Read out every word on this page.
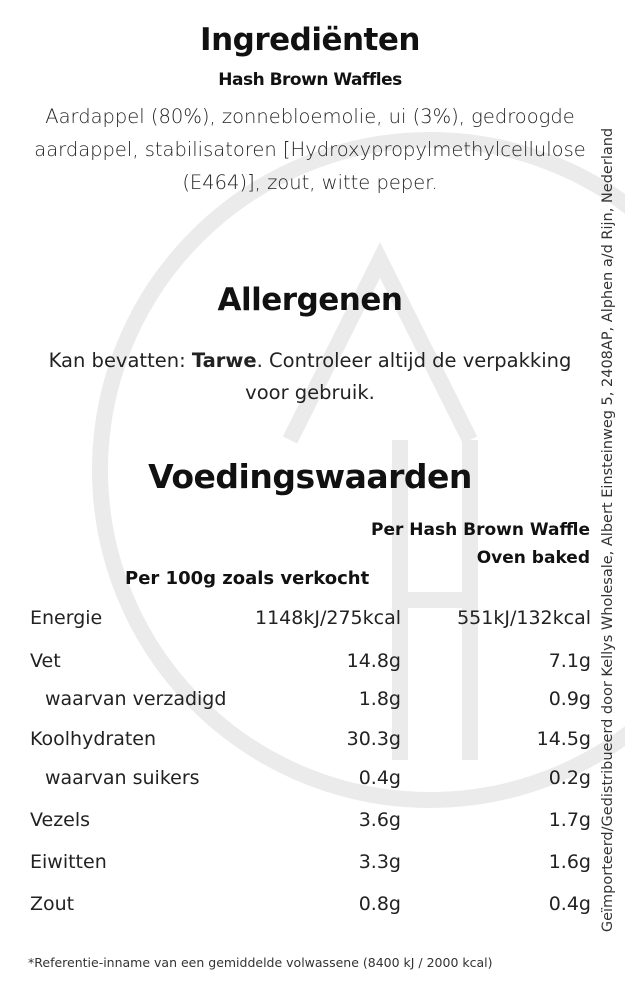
Ingrediënten
Hash Brown Waffles
Aardappel (80%), zonnebloemolie, ui (3%), gedroogde aardappel, stabilisatoren [Hydroxypropylmethylcellulose (E464)], zout, witte peper.
Allergenen
Kan bevatten: Tarwe. Controleer altijd de verpakking voor gebruik.
Voedingswaarden
Per Hash Brown Waffle Oven baked
Per 100g zoals verkocht
Energie	1148kJ/275kcal	551kJ/132kcal
Vet	14.8g	7.1g
waarvan verzadigd	1.8g	0.9g
Koolhydraten	30.3g	14.5g
waarvan suikers	0.4g	0.2g
Vezels	3.6g	1.7g
Eiwitten	3.3g	1.6g
Zout	0.8g	0.4g
*Referentie-inname van een gemiddelde volwassene (8400 kJ / 2000 kcal)
Geïmporteerd/Gedistribueerd door Kellys Wholesale, Albert Einsteinweg 5, 2408AP, Alphen a/d Rijn, Nederland
